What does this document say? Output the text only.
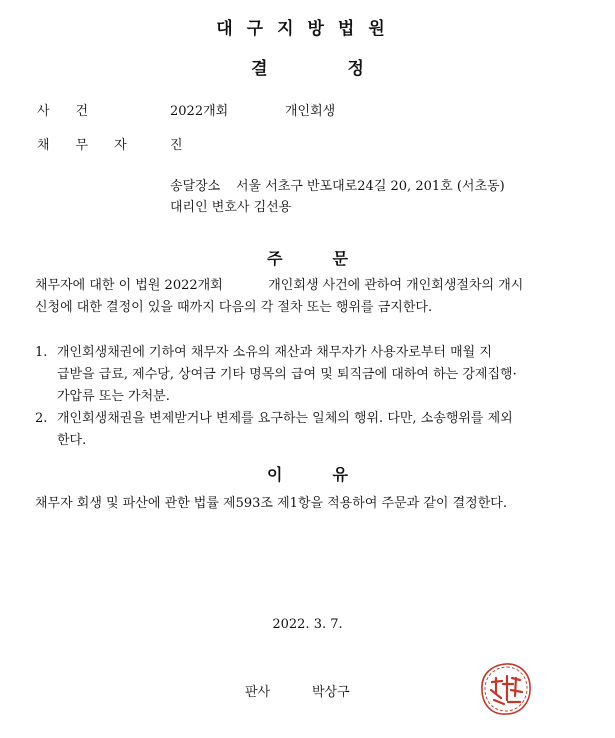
대구지방법원
결정
사건	2022개회	개인회생
채무자 진
송달장소 서울 서초구 반포대로24길 20, 201호 (서초동)
대리인 변호사 김선용
주문
채무자에 대한 이 법원 2022개회           개인회생 사건에 관하여 개인회생절차의 개시
신청에 대한 결정이 있을 때까지 다음의 각 절차 또는 행위를 금지한다.
1. 개인회생채권에 기하여 채무자 소유의 재산과 채무자가 사용자로부터 매월 지
급받을 급료, 제수당, 상여금 기타 명목의 급여 및 퇴직금에 대하여 하는 강제집행·
가압류 또는 가처분.
2. 개인회생채권을 변제받거나 변제를 요구하는 일체의 행위. 다만, 소송행위를 제외
한다.
이유
채무자 회생 및 파산에 관한 법률 제593조 제1항을 적용하여 주문과 같이 결정한다.
2022. 3. 7.
판사	박상구
